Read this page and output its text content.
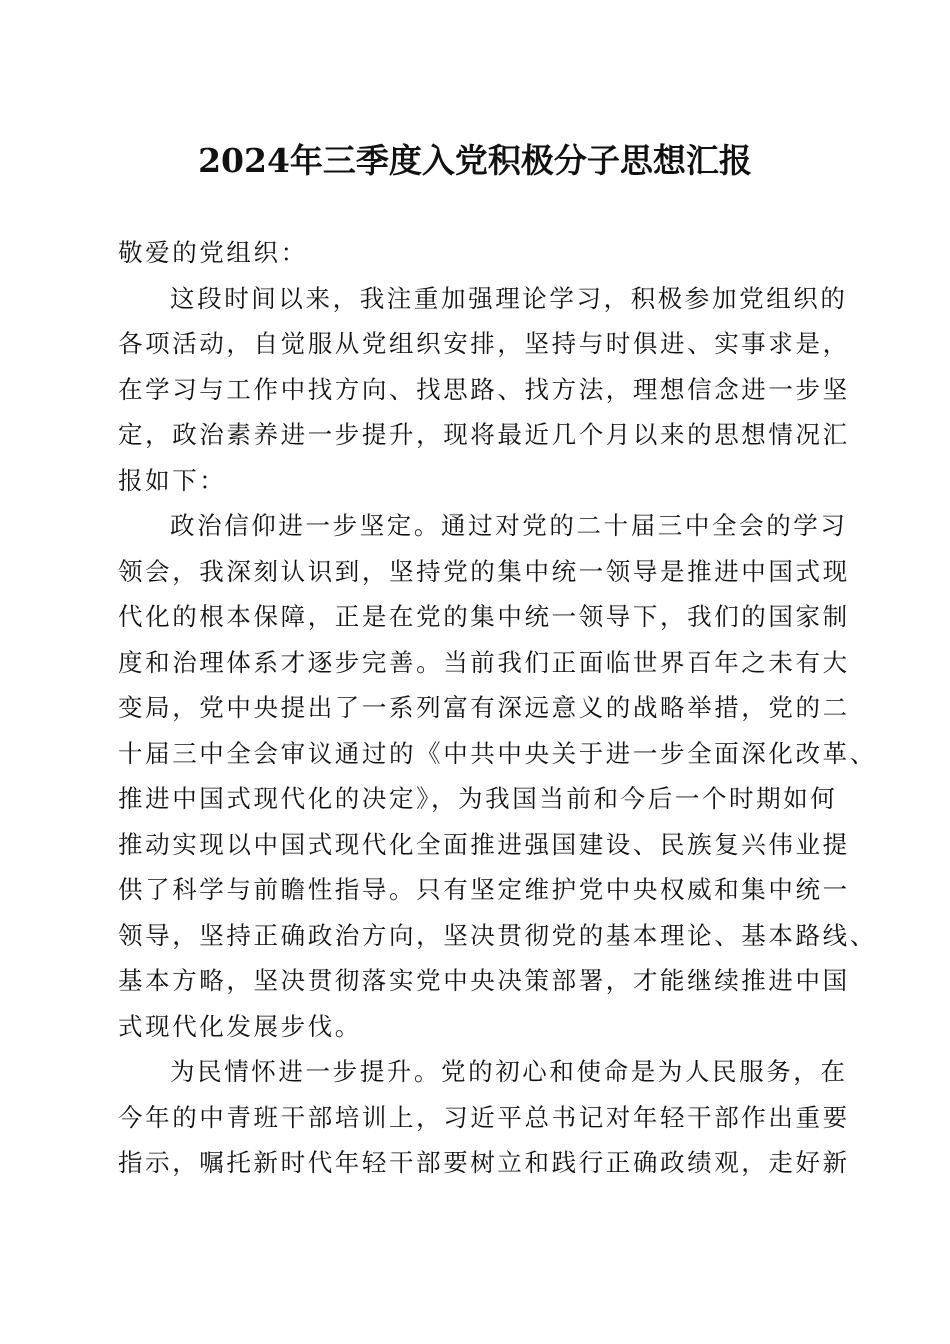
2024年三季度入党积极分子思想汇报
敬爱的党组织：
这段时间以来，我注重加强理论学习，积极参加党组织的
各项活动，自觉服从党组织安排，坚持与时俱进、实事求是，
在学习与工作中找方向、找思路、找方法，理想信念进一步坚
定，政治素养进一步提升，现将最近几个月以来的思想情况汇
报如下：
政治信仰进一步坚定。通过对党的二十届三中全会的学习
领会，我深刻认识到，坚持党的集中统一领导是推进中国式现
代化的根本保障，正是在党的集中统一领导下，我们的国家制
度和治理体系才逐步完善。当前我们正面临世界百年之未有大
变局，党中央提出了一系列富有深远意义的战略举措，党的二
十届三中全会审议通过的《中共中央关于进一步全面深化改革、
推进中国式现代化的决定》，为我国当前和今后一个时期如何
推动实现以中国式现代化全面推进强国建设、民族复兴伟业提
供了科学与前瞻性指导。只有坚定维护党中央权威和集中统一
领导，坚持正确政治方向，坚决贯彻党的基本理论、基本路线、
基本方略，坚决贯彻落实党中央决策部署，才能继续推进中国
式现代化发展步伐。
为民情怀进一步提升。党的初心和使命是为人民服务，在
今年的中青班干部培训上，习近平总书记对年轻干部作出重要
指示，嘱托新时代年轻干部要树立和践行正确政绩观，走好新
